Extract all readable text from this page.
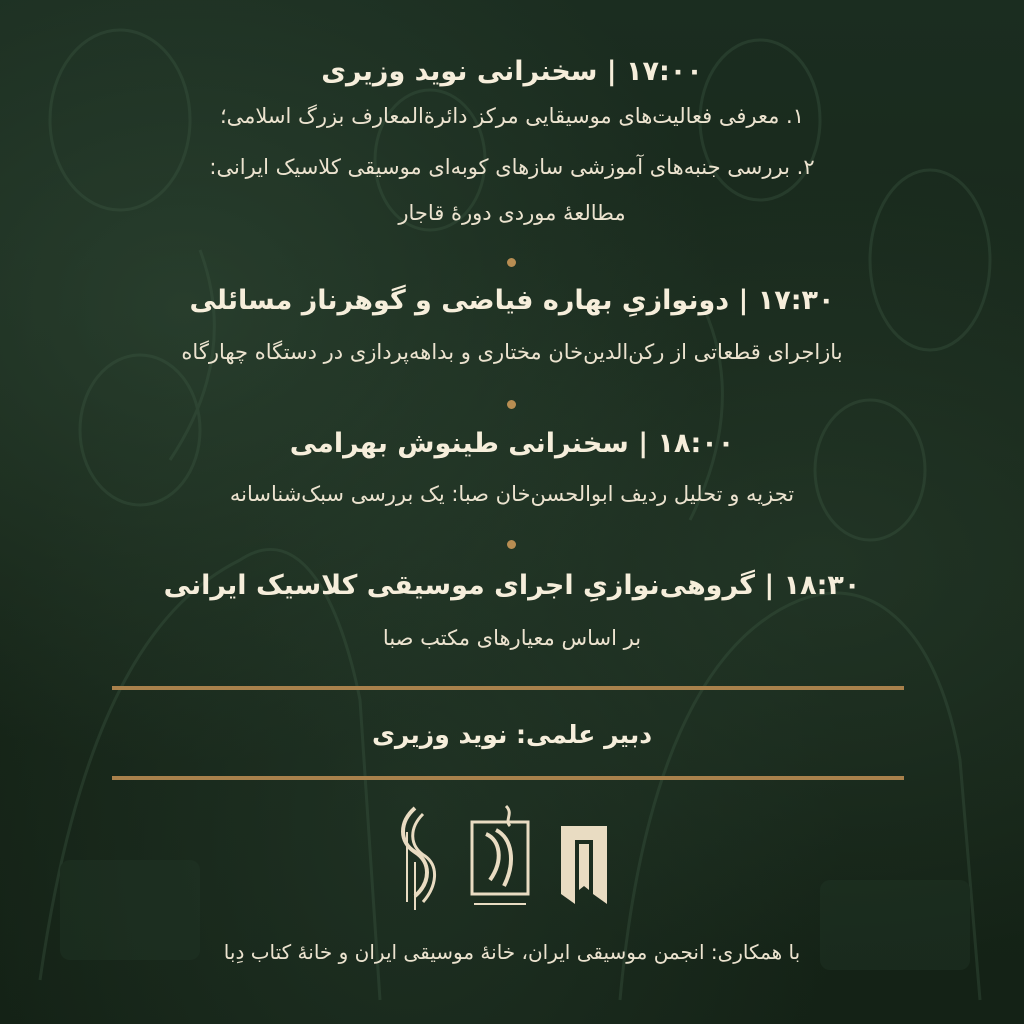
۱۷:۰۰ | سخنرانی نوید وزیری
۱. معرفی فعالیت‌های موسیقایی مرکز دائرةالمعارف بزرگ اسلامی؛
۲. بررسی جنبه‌های آموزشی سازهای کوبه‌ای موسیقی کلاسیک ایرانی:
مطالعهٔ موردی دورهٔ قاجار
۱۷:۳۰ | دونوازیِ بهاره فیاضی و گوهرناز مسائلی
بازاجرای قطعاتی از رکن‌الدین‌خان مختاری و بداهه‌پردازی در دستگاه چهارگاه
۱۸:۰۰ | سخنرانی طینوش بهرامی
تجزیه و تحلیل ردیف ابوالحسن‌خان صبا: یک بررسی سبک‌شناسانه
۱۸:۳۰ | گروهی‌نوازیِ اجرای موسیقی کلاسیک ایرانی
بر اساس معیارهای مکتب صبا
دبیر علمی: نوید وزیری
با همکاری: انجمن موسیقی ایران، خانهٔ موسیقی ایران و خانهٔ کتاب دِبا
